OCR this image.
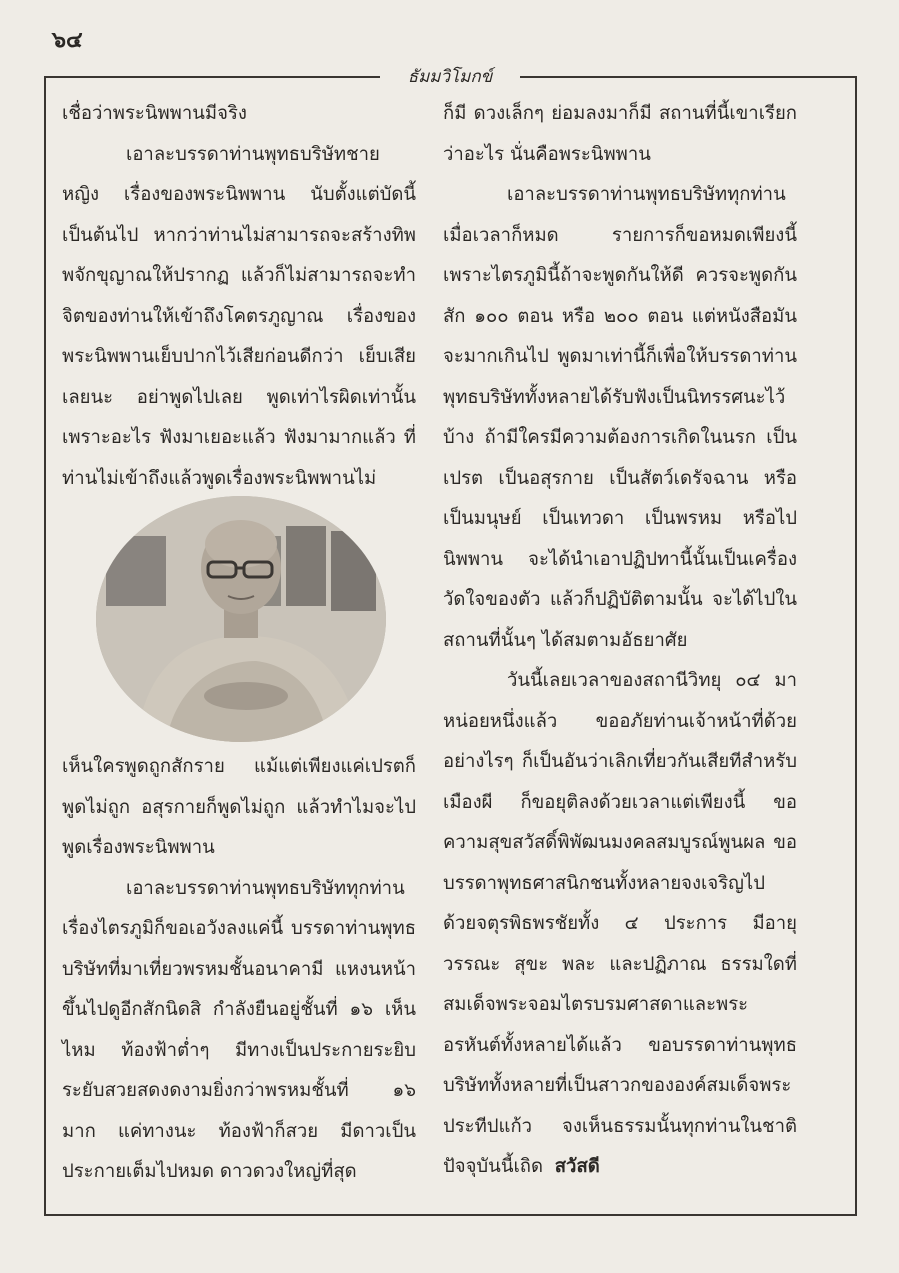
๖๔
ธัมมวิโมกข์

เชื่อว่าพระนิพพานมีจริง

เอาละบรรดาท่านพุทธบริษัทชายหญิง เรื่องของพระนิพพาน นับตั้งแต่บัดนี้เป็นต้นไป หากว่าท่านไม่สามารถจะสร้างทิพพจักขุญาณให้ปรากฏ แล้วก็ไม่สามารถจะทำจิตของท่านให้เข้าถึงโคตรภูญาณ เรื่องของพระนิพพานเย็บปากไว้เสียก่อนดีกว่า เย็บเสียเลยนะ อย่าพูดไปเลย พูดเท่าไรผิดเท่านั้น เพราะอะไร ฟังมาเยอะแล้ว ฟังมามากแล้ว ที่ท่านไม่เข้าถึงแล้วพูดเรื่องพระนิพพานไม่

เห็นใครพูดถูกสักราย แม้แต่เพียงแค่เปรตก็พูดไม่ถูก อสุรกายก็พูดไม่ถูก แล้วทำไมจะไปพูดเรื่องพระนิพพาน

เอาละบรรดาท่านพุทธบริษัททุกท่าน เรื่องไตรภูมิก็ขอเอวังลงแค่นี้ บรรดาท่านพุทธบริษัทที่มาเที่ยวพรหมชั้นอนาคามี แหงนหน้าขึ้นไปดูอีกสักนิดสิ กำลังยืนอยู่ชั้นที่ ๑๖ เห็นไหม ท้องฟ้าต่ำๆ มีทางเป็นประกายระยิบระยับสวยสดงดงามยิ่งกว่าพรหมชั้นที่ ๑๖ มาก แค่ทางนะ ท้องฟ้าก็สวย มีดาวเป็นประกายเต็มไปหมด ดาวดวงใหญ่ที่สุด

ก็มี ดวงเล็กๆ ย่อมลงมาก็มี สถานที่นี้เขาเรียกว่าอะไร นั่นคือพระนิพพาน

เอาละบรรดาท่านพุทธบริษัททุกท่าน เมื่อเวลาก็หมด รายการก็ขอหมดเพียงนี้ เพราะไตรภูมินี้ถ้าจะพูดกันให้ดี ควรจะพูดกันสัก ๑๐๐ ตอน หรือ ๒๐๐ ตอน แต่หนังสือมันจะมากเกินไป พูดมาเท่านี้ก็เพื่อให้บรรดาท่านพุทธบริษัททั้งหลายได้รับฟังเป็นนิทรรศนะไว้บ้าง ถ้ามีใครมีความต้องการเกิดในนรก เป็นเปรต เป็นอสุรกาย เป็นสัตว์เดรัจฉาน หรือเป็นมนุษย์ เป็นเทวดา เป็นพรหม หรือไปนิพพาน จะได้นำเอาปฏิปทานี้นั้นเป็นเครื่องวัดใจของตัว แล้วก็ปฏิบัติตามนั้น จะได้ไปในสถานที่นั้นๆ ได้สมตามอัธยาศัย

วันนี้เลยเวลาของสถานีวิทยุ ๐๔ มาหน่อยหนึ่งแล้ว ขออภัยท่านเจ้าหน้าที่ด้วยอย่างไรๆ ก็เป็นอันว่าเลิกเที่ยวกันเสียทีสำหรับเมืองผี ก็ขอยุติลงด้วยเวลาแต่เพียงนี้ ขอความสุขสวัสดิ์พิพัฒนมงคลสมบูรณ์พูนผล ขอบรรดาพุทธศาสนิกชนทั้งหลายจงเจริญไปด้วยจตุรพิธพรชัยทั้ง ๔ ประการ มีอายุ วรรณะ สุขะ พละ และปฏิภาณ ธรรมใดที่สมเด็จพระจอมไตรบรมศาสดาและพระอรหันต์ทั้งหลายได้แล้ว ขอบรรดาท่านพุทธบริษัททั้งหลายที่เป็นสาวกขององค์สมเด็จพระประทีปแก้ว จงเห็นธรรมนั้นทุกท่านในชาติปัจจุบันนี้เถิด สวัสดี
